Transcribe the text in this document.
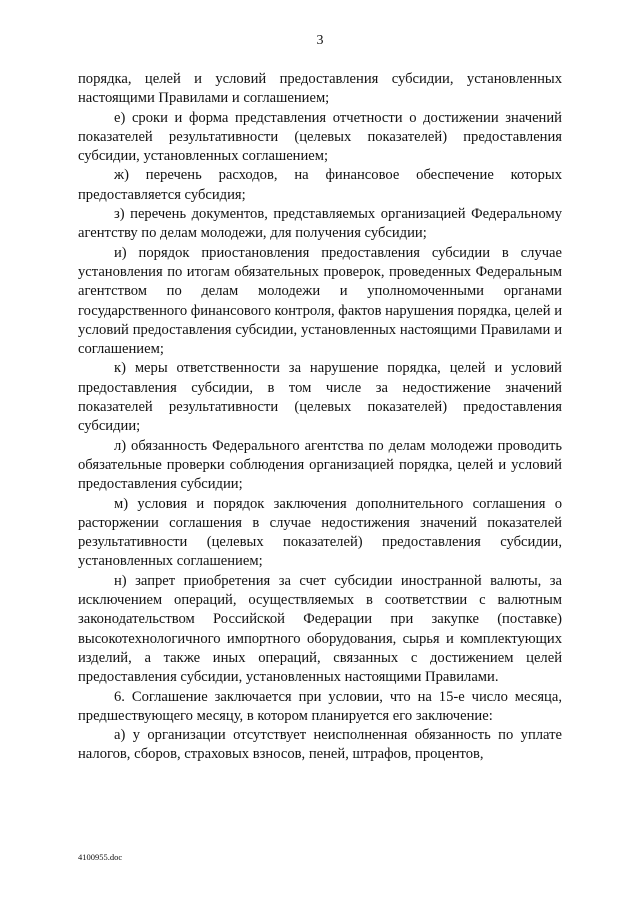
3

порядка, целей и условий предоставления субсидии, установленных настоящими Правилами и соглашением;

е) сроки и форма представления отчетности о достижении значений показателей результативности (целевых показателей) предоставления субсидии, установленных соглашением;

ж) перечень расходов, на финансовое обеспечение которых предоставляется субсидия;

з) перечень документов, представляемых организацией Федеральному агентству по делам молодежи, для получения субсидии;

и) порядок приостановления предоставления субсидии в случае установления по итогам обязательных проверок, проведенных Федеральным агентством по делам молодежи и уполномоченными органами государственного финансового контроля, фактов нарушения порядка, целей и условий предоставления субсидии, установленных настоящими Правилами и соглашением;

к) меры ответственности за нарушение порядка, целей и условий предоставления субсидии, в том числе за недостижение значений показателей результативности (целевых показателей) предоставления субсидии;

л) обязанность Федерального агентства по делам молодежи проводить обязательные проверки соблюдения организацией порядка, целей и условий предоставления субсидии;

м) условия и порядок заключения дополнительного соглашения о расторжении соглашения в случае недостижения значений показателей результативности (целевых показателей) предоставления субсидии, установленных соглашением;

н) запрет приобретения за счет субсидии иностранной валюты, за исключением операций, осуществляемых в соответствии с валютным законодательством Российской Федерации при закупке (поставке) высокотехнологичного импортного оборудования, сырья и комплектующих изделий, а также иных операций, связанных с достижением целей предоставления субсидии, установленных настоящими Правилами.

6. Соглашение заключается при условии, что на 15-е число месяца, предшествующего месяцу, в котором планируется его заключение:

а) у организации отсутствует неисполненная обязанность по уплате налогов, сборов, страховых взносов, пеней, штрафов, процентов,

4100955.doc
